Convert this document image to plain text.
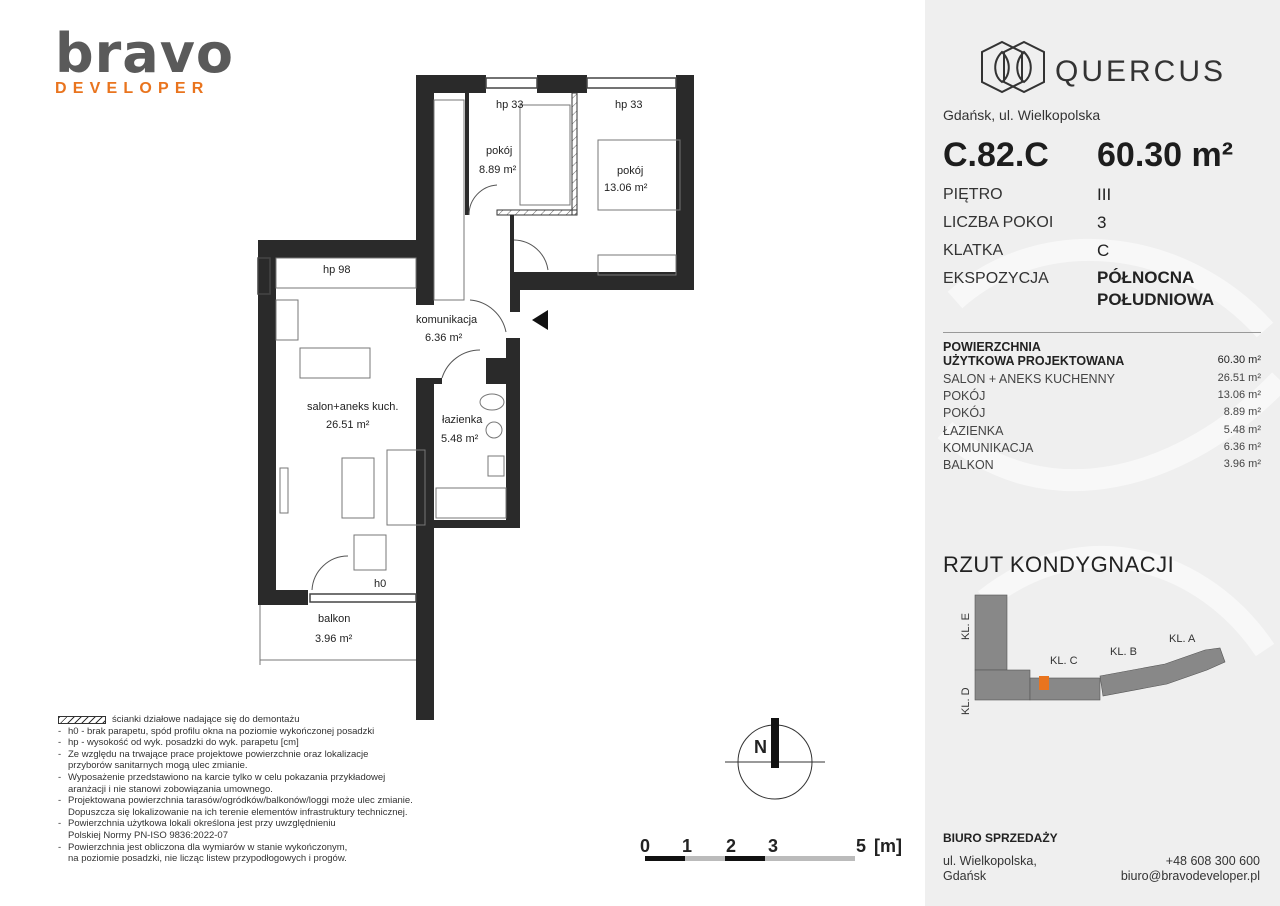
bravo
DEVELOPER
hp 33	hp 33
hp 98
h0
pokój
8.89 m²	pokój
13.06 m²
komunikacja
6.36 m²
salon+aneks kuch.
26.51 m²	łazienka
5.48 m²
balkon
3.96 m²
N
ścianki działowe nadające się do demontażu
- h0 - brak parapetu, spód profilu okna na poziomie wykończonej posadzki
- hp - wysokość od wyk. posadzki do wyk. parapetu [cm]
- Ze względu na trwające prace projektowe powierzchnie oraz lokalizacje
przyborów sanitarnych mogą ulec zmianie.
- Wyposażenie przedstawiono na karcie tylko w celu pokazania przykładowej
aranżacji i nie stanowi zobowiązania umownego.
- Projektowana powierzchnia tarasów/ogródków/balkonów/loggi może ulec zmianie.
Dopuszcza się lokalizowanie na ich terenie elementów infrastruktury technicznej.
- Powierzchnia użytkowa lokali określona jest przy uwzględnieniu
Polskiej Normy PN-ISO 9836:2022-07
- Powierzchnia jest obliczona dla wymiarów w stanie wykończonym,
na poziomie posadzki, nie licząc listew przypodłogowych i progów.
0 1 2 3	5 [m]
QUERCUS
Gdańsk, ul. Wielkopolska
C.82.C 60.30 m²
PIĘTRO	III
LICZBA POKOI	3
KLATKA	C
EKSPOZYCJA	PÓŁNOCNA
POŁUDNIOWA
POWIERZCHNIA
UŻYTKOWA PROJEKTOWANA	60.30 m²
SALON + ANEKS KUCHENNY	26.51 m²
POKÓJ	13.06 m²
POKÓJ	8.89 m²
ŁAZIENKA	5.48 m²
KOMUNIKACJA	6.36 m²
BALKON	3.96 m²
RZUT KONDYGNACJI
KL. E
KL. D
KL. C
KL. B
KL. A
BIURO SPRZEDAŻY
ul. Wielkopolska,
Gdańsk
+48 608 300 600
biuro@bravodeveloper.pl
